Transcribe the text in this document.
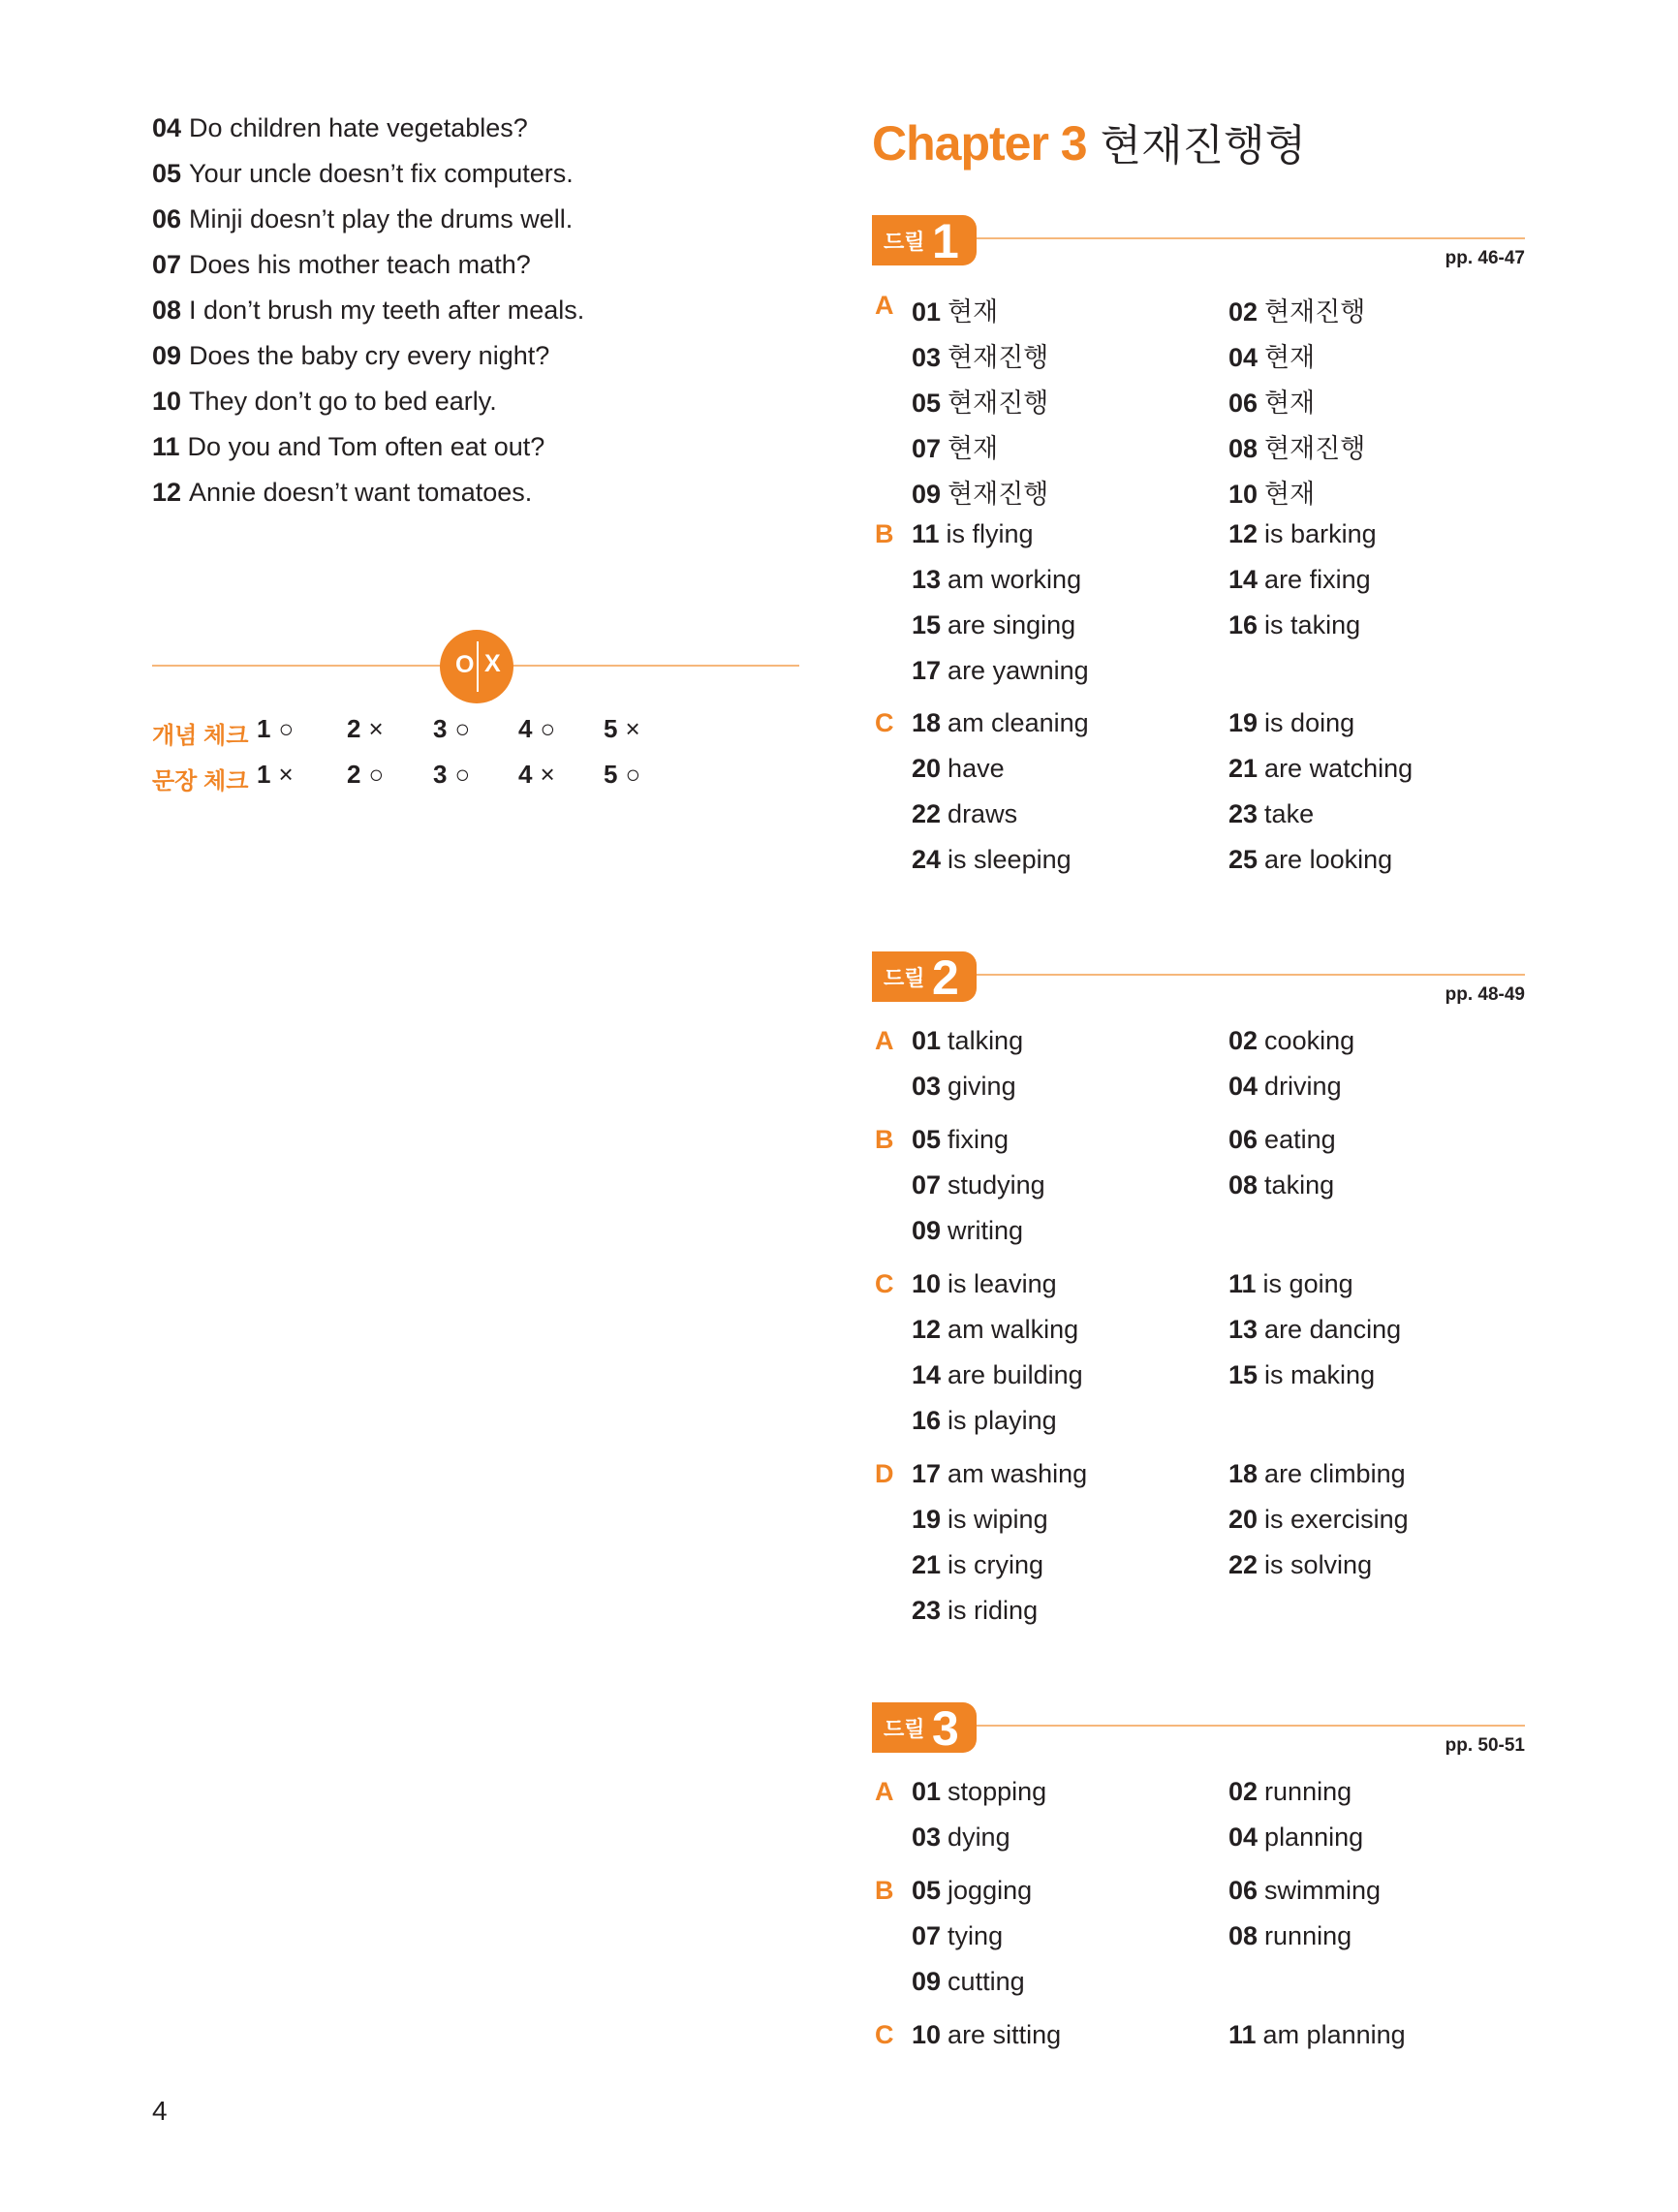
04 Do children hate vegetables?
05 Your uncle doesn’t fix computers.
06 Minji doesn’t play the drums well.
07 Does his mother teach math?
08 I don’t brush my teeth after meals.
09 Does the baby cry every night?
10 They don’t go to bed early.
11 Do you and Tom often eat out?
12 Annie doesn’t want tomatoes.
O X
개념 체크 1 ○ 2 × 3 ○ 4 ○ 5 ×
문장 체크 1 × 2 ○ 3 ○ 4 × 5 ○
4
Chapter 3 현재진행형
드릴 1	pp. 46-47
A 01 현재	02 현재진행
03 현재진행	04 현재
05 현재진행	06 현재
07 현재	08 현재진행
09 현재진행	10 현재
B 11 is flying	12 is barking
13 am working	14 are fixing
15 are singing	16 is taking
17 are yawning
C 18 am cleaning	19 is doing
20 have	21 are watching
22 draws	23 take
24 is sleeping	25 are looking
드릴 2	pp. 48-49
A 01 talking	02 cooking
03 giving	04 driving
B 05 fixing	06 eating
07 studying	08 taking
09 writing
C 10 is leaving	11 is going
12 am walking	13 are dancing
14 are building	15 is making
16 is playing
D 17 am washing	18 are climbing
19 is wiping	20 is exercising
21 is crying	22 is solving
23 is riding
드릴 3	pp. 50-51
A 01 stopping	02 running
03 dying	04 planning
B 05 jogging	06 swimming
07 tying	08 running
09 cutting
C 10 are sitting	11 am planning
